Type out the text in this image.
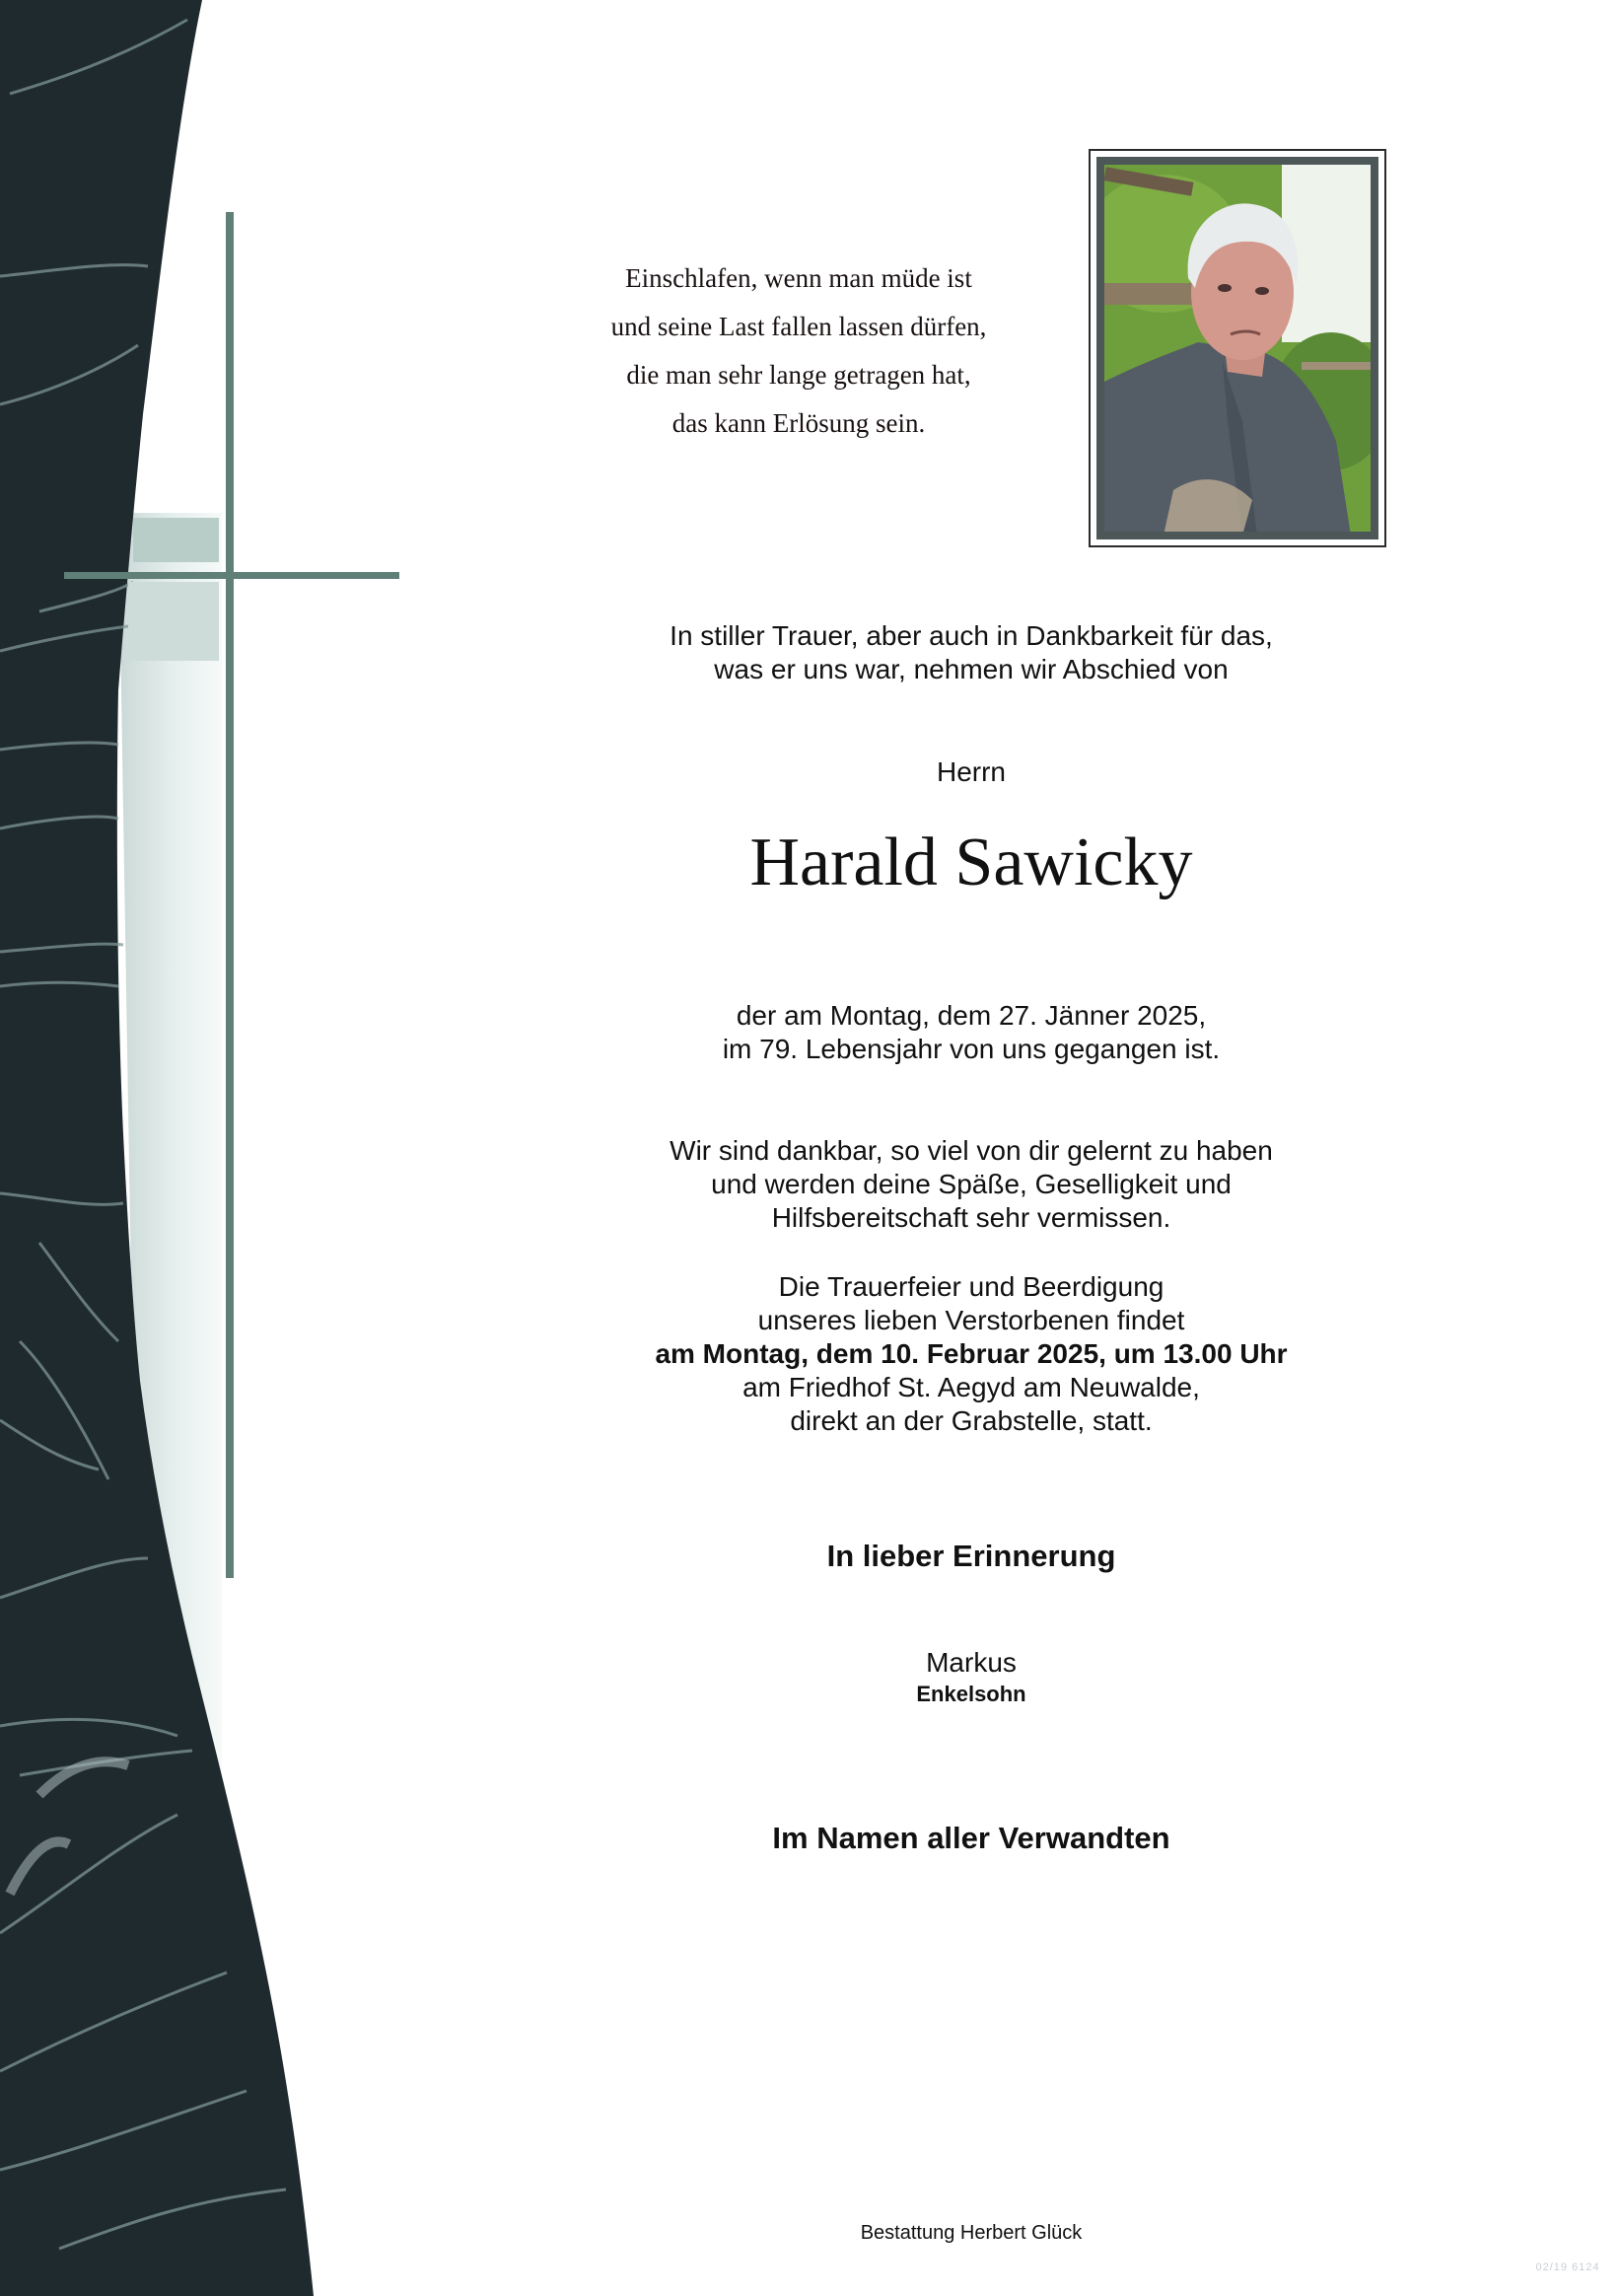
Einschlafen, wenn man müde ist
und seine Last fallen lassen dürfen,
die man sehr lange getragen hat,
das kann Erlösung sein.
In stiller Trauer, aber auch in Dankbarkeit für das,
was er uns war, nehmen wir Abschied von
Herrn
Harald Sawicky
der am Montag, dem 27. Jänner 2025,
im 79. Lebensjahr von uns gegangen ist.
Wir sind dankbar, so viel von dir gelernt zu haben
und werden deine Späße, Geselligkeit und
Hilfsbereitschaft sehr vermissen.
Die Trauerfeier und Beerdigung
unseres lieben Verstorbenen findet
am Montag, dem 10. Februar 2025, um 13.00 Uhr
am Friedhof St. Aegyd am Neuwalde,
direkt an der Grabstelle, statt.
In lieber Erinnerung
Markus
Enkelsohn
Im Namen aller Verwandten
Bestattung Herbert Glück
02/19 6124
